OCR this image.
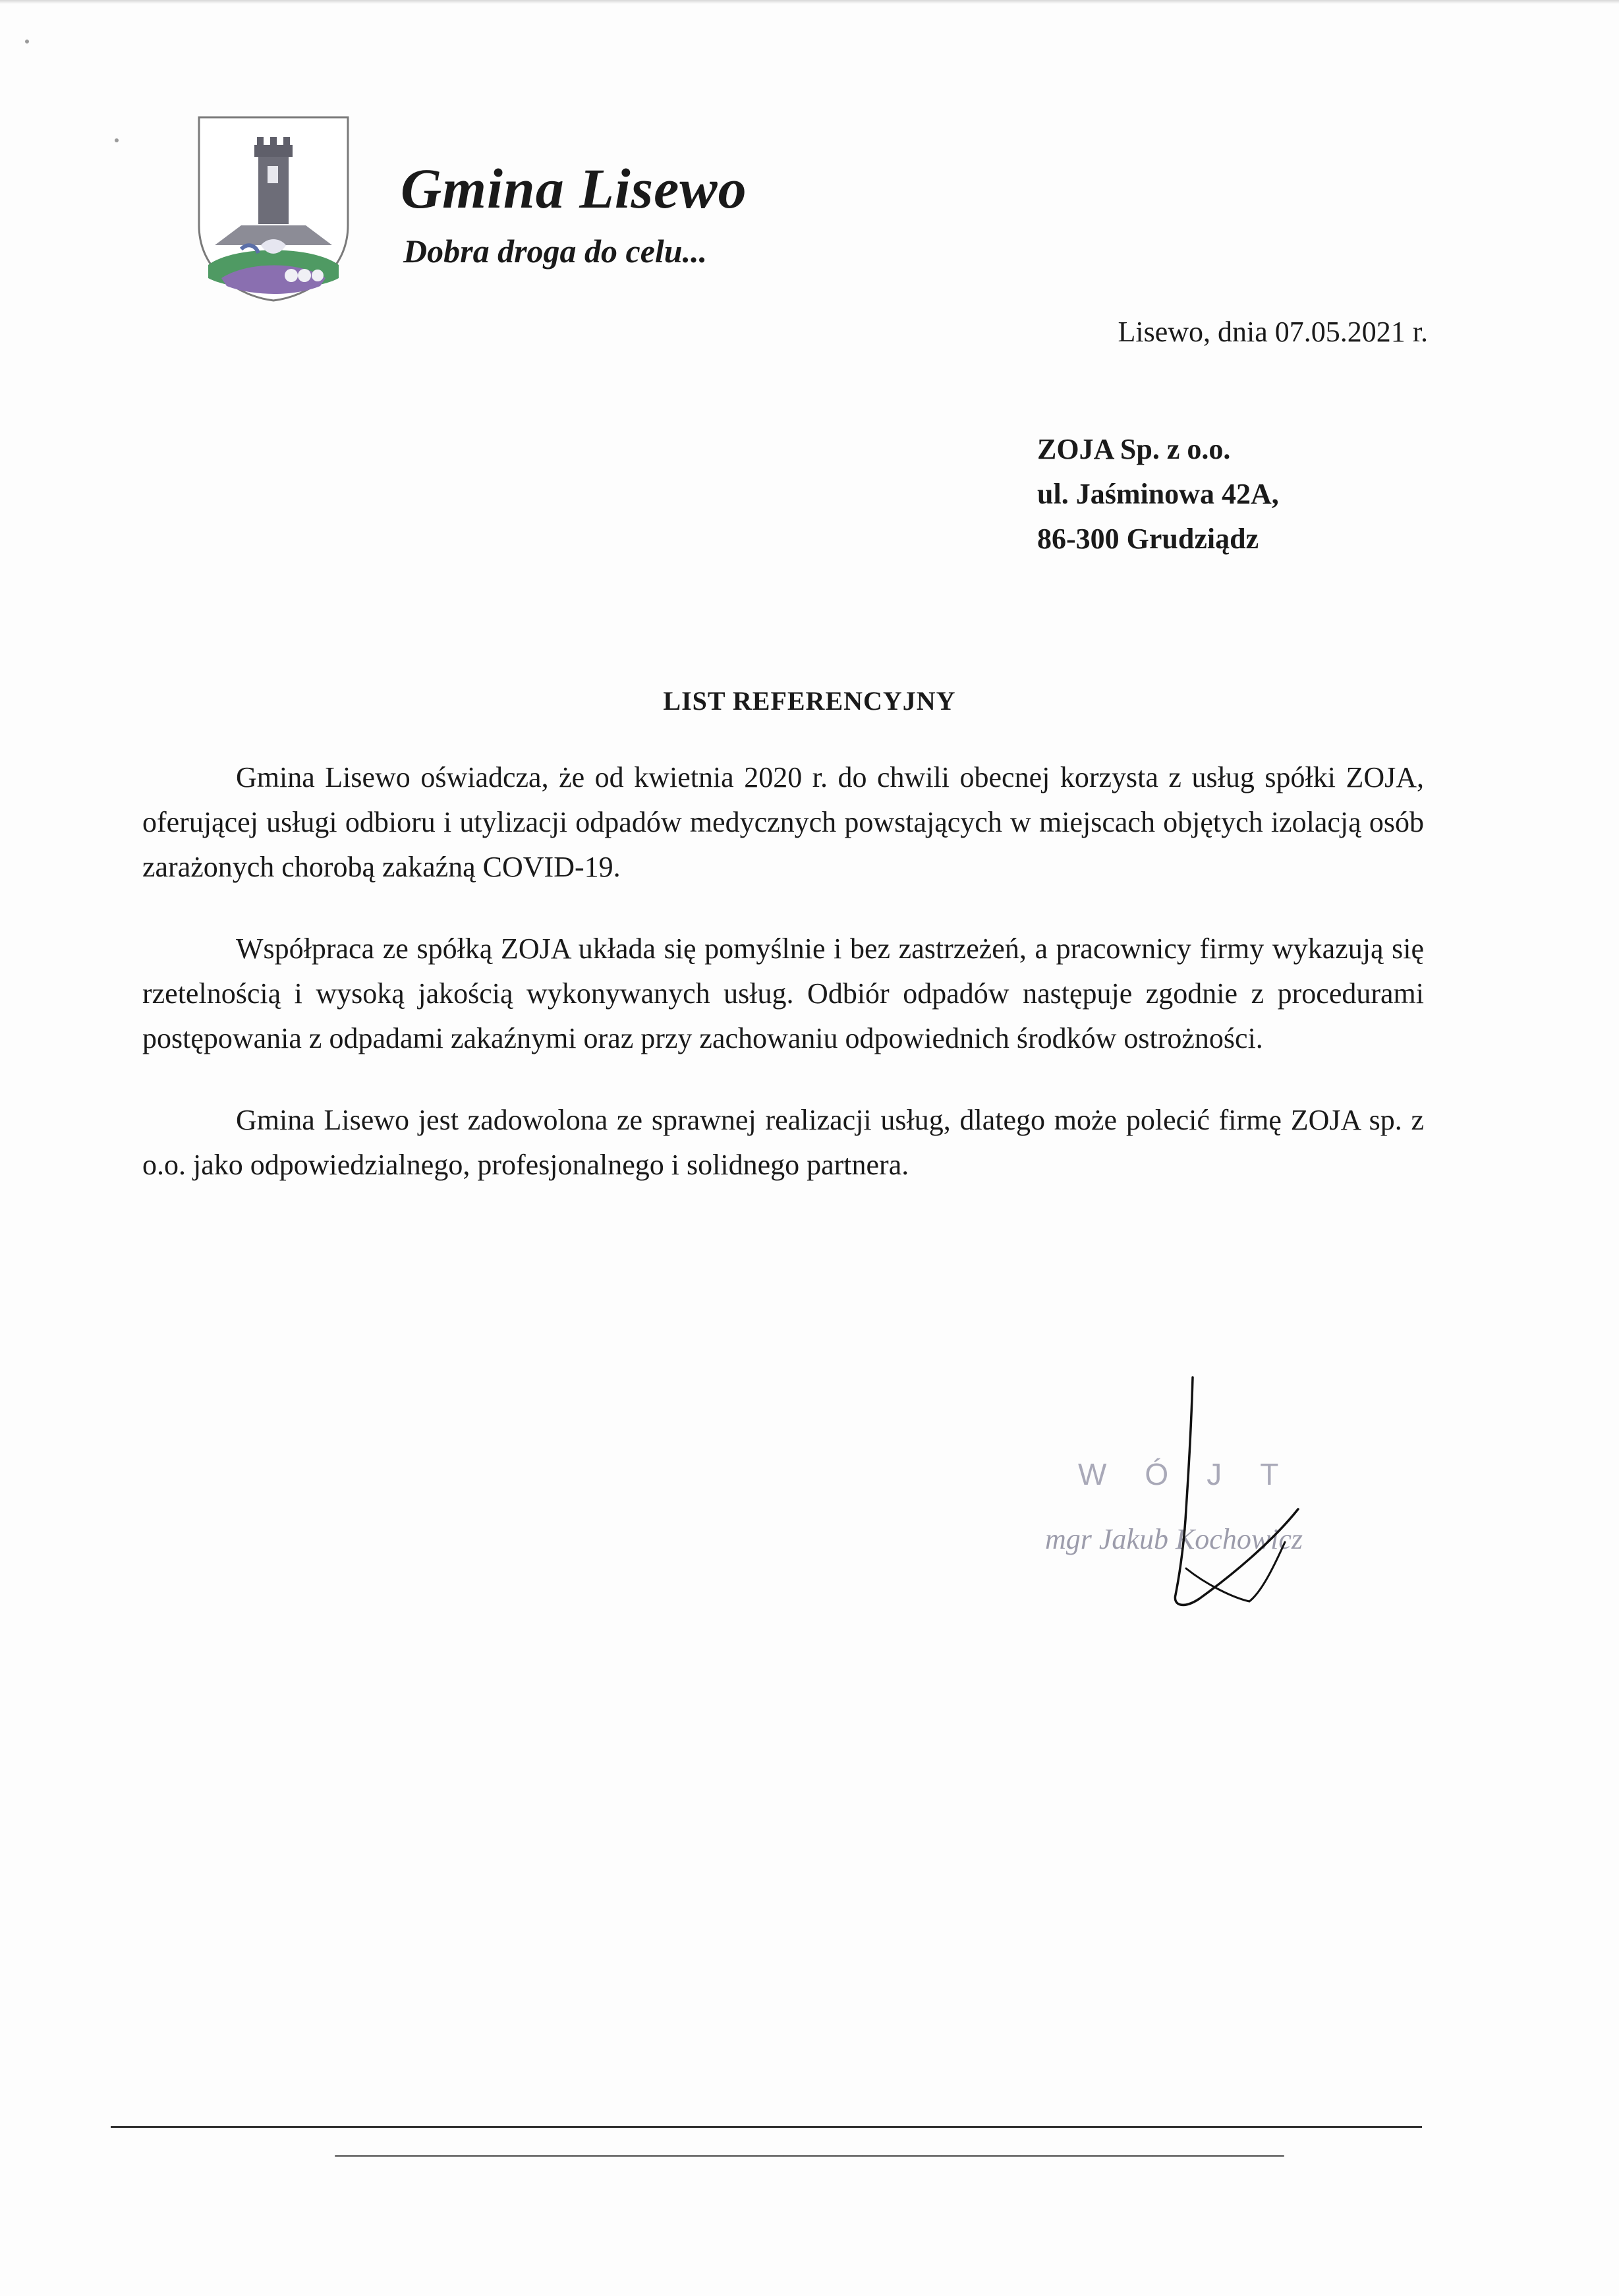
Gmina Lisewo
Dobra droga do celu...
Lisewo, dnia 07.05.2021 r.
ZOJA Sp. z o.o.
ul. Jaśminowa 42A,
86-300 Grudziądz
LIST REFERENCYJNY

Gmina Lisewo oświadcza, że od kwietnia 2020 r. do chwili obecnej korzysta z usług spółki ZOJA, oferującej usługi odbioru i utylizacji odpadów medycznych powstających w miejscach objętych izolacją osób zarażonych chorobą zakaźną COVID-19.

Współpraca ze spółką ZOJA układa się pomyślnie i bez zastrzeżeń, a pracownicy firmy wykazują się rzetelnością i wysoką jakością wykonywanych usług. Odbiór odpadów następuje zgodnie z procedurami postępowania z odpadami zakaźnymi oraz przy zachowaniu odpowiednich środków ostrożności.

Gmina Lisewo jest zadowolona ze sprawnej realizacji usług, dlatego może polecić firmę ZOJA sp. z o.o. jako odpowiedzialnego, profesjonalnego i solidnego partnera.

WÓJT
mgr Jakub Kochowicz
————————————————————————————————————
